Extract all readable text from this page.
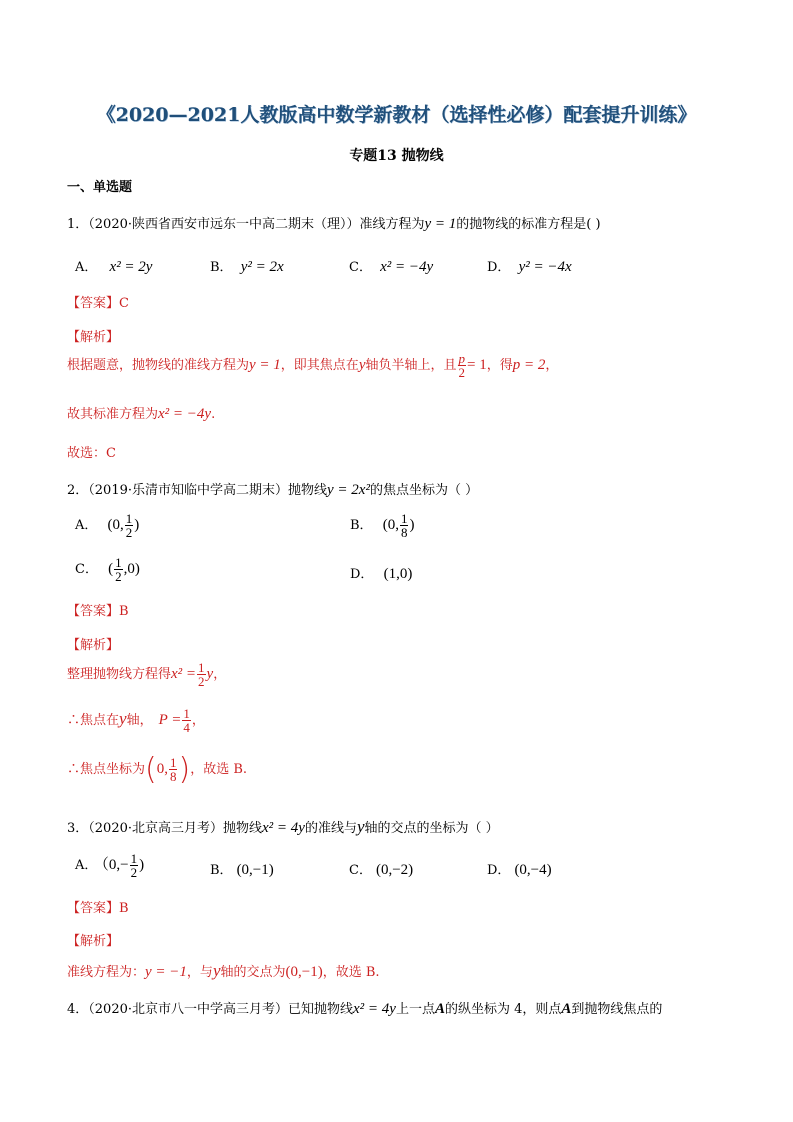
《2020—2021人教版高中数学新教材（选择性必修）配套提升训练》
专题13 抛物线
一、单选题
1．（2020·陕西省西安市远东一中高二期末（理））准线方程为y = 1的抛物线的标准方程是( )
A． x² = 2y	B． y² = 2x	C． x² = −4y	D． y² = −4x
【答案】C
【解析】
根据题意，抛物线的准线方程为y = 1，即其焦点在y轴负半轴上，且 $\frac{p}{2} = 1$，得p = 2，
故其标准方程为x² = −4y.
故选：C
2．（2019·乐清市知临中学高二期末）抛物线y = 2x²的焦点坐标为（ ）
A． (0, $\frac{1}{2}$ )	B． (0, $\frac{1}{8}$ )
C． ( $\frac{1}{2} ,0$)	D． (1,0)
【答案】B
【解析】
整理抛物线方程得$x^2 = \frac{1}{2}$ y，
∴焦点在y轴， $P = \frac{1}{4}$ ，
∴焦点坐标为(0, $\frac{1}{8}$ )，故选 B.
3．（2020·北京高三月考）抛物线x² = 4y的准线与y轴的交点的坐标为（ ）
A． （$0,- \frac{1}{2}$ )	B． (0,−1)	C． (0,−2)	D． (0,−4)
【答案】B
【解析】
准线方程为：y = −1，与y轴的交点为(0,−1)，故选 B.
4．（2020·北京市八一中学高三月考）已知抛物线x² = 4y上一点A的纵坐标为 4，则点A到抛物线焦点的
